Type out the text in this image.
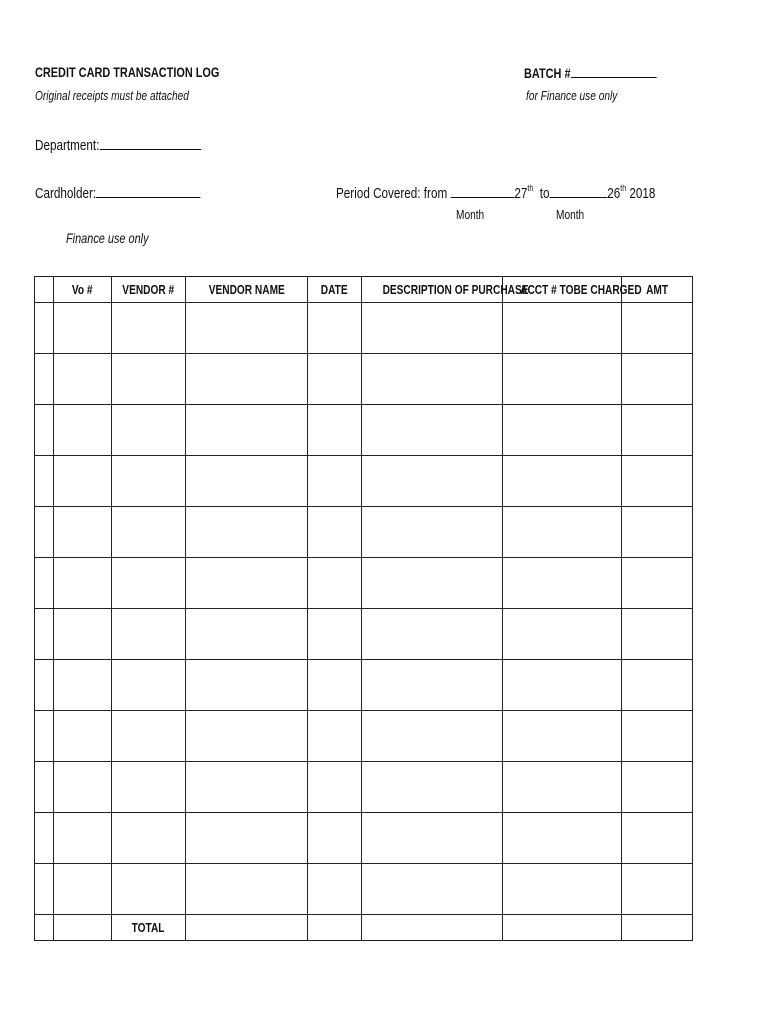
CREDIT CARD TRANSACTION LOG
Original receipts must be attached
BATCH #
for Finance use only
Department:
Cardholder:	Period Covered: from	27th to	26th 2018
Month	Month
Finance use only
	Vo #	VENDOR #	VENDOR NAME	DATE	DESCRIPTION OF PURCHASE	ACCT # TOBE CHARGED	AMT

		TOTAL					
